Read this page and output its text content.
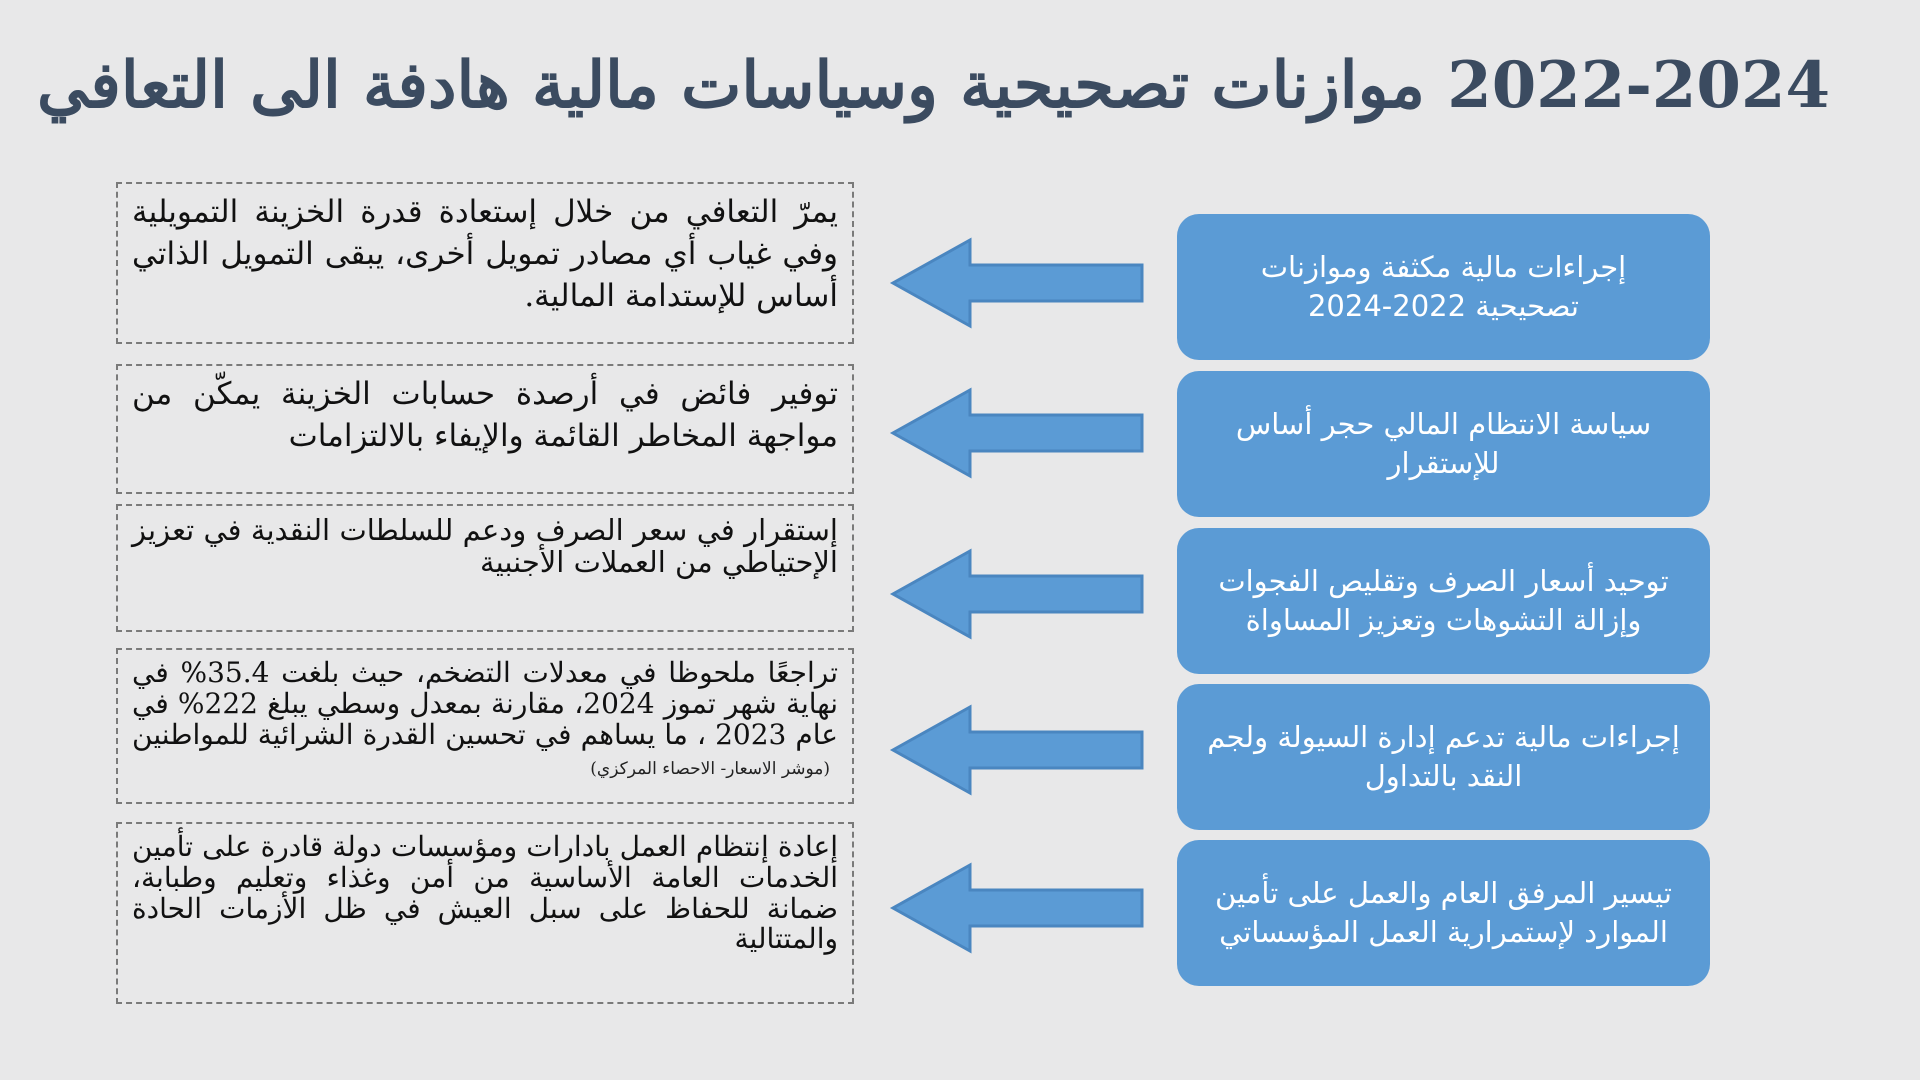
2022-2024 موازنات تصحيحية وسياسات مالية هادفة الى التعافي
يمرّ التعافي من خلال إستعادة قدرة الخزينة التمويلية وفي غياب أي مصادر تمويل أخرى، يبقى التمويل الذاتي أساس للإستدامة المالية.
إجراءات مالية مكثفة وموازنات تصحيحية 2022-2024
توفير فائض في أرصدة حسابات الخزينة يمكّن من مواجهة المخاطر القائمة والإيفاء بالالتزامات	سياسة الانتظام المالي حجر أساس للإستقرار
إستقرار في سعر الصرف ودعم للسلطات النقدية في تعزيز الإحتياطي من العملات الأجنبية
توحيد أسعار الصرف وتقليص الفجوات وإزالة التشوهات وتعزيز المساواة
تراجعًا ملحوظا في معدلات التضخم، حيث بلغت 35.4% في نهاية شهر تموز 2024، مقارنة بمعدل وسطي يبلغ 222% في عام 2023 ، ما يساهم في تحسين القدرة الشرائية للمواطنين (موشر الاسعار- الاحصاء المركزي)
إجراءات مالية تدعم إدارة السيولة ولجم النقد بالتداول
إعادة إنتظام العمل بادارات ومؤسسات دولة قادرة على تأمين الخدمات العامة الأساسية من أمن وغذاء وتعليم وطبابة، ضمانة للحفاظ على سبل العيش في ظل الأزمات الحادة والمتتالية
تيسير المرفق العام والعمل على تأمين الموارد لإستمرارية العمل المؤسساتي
